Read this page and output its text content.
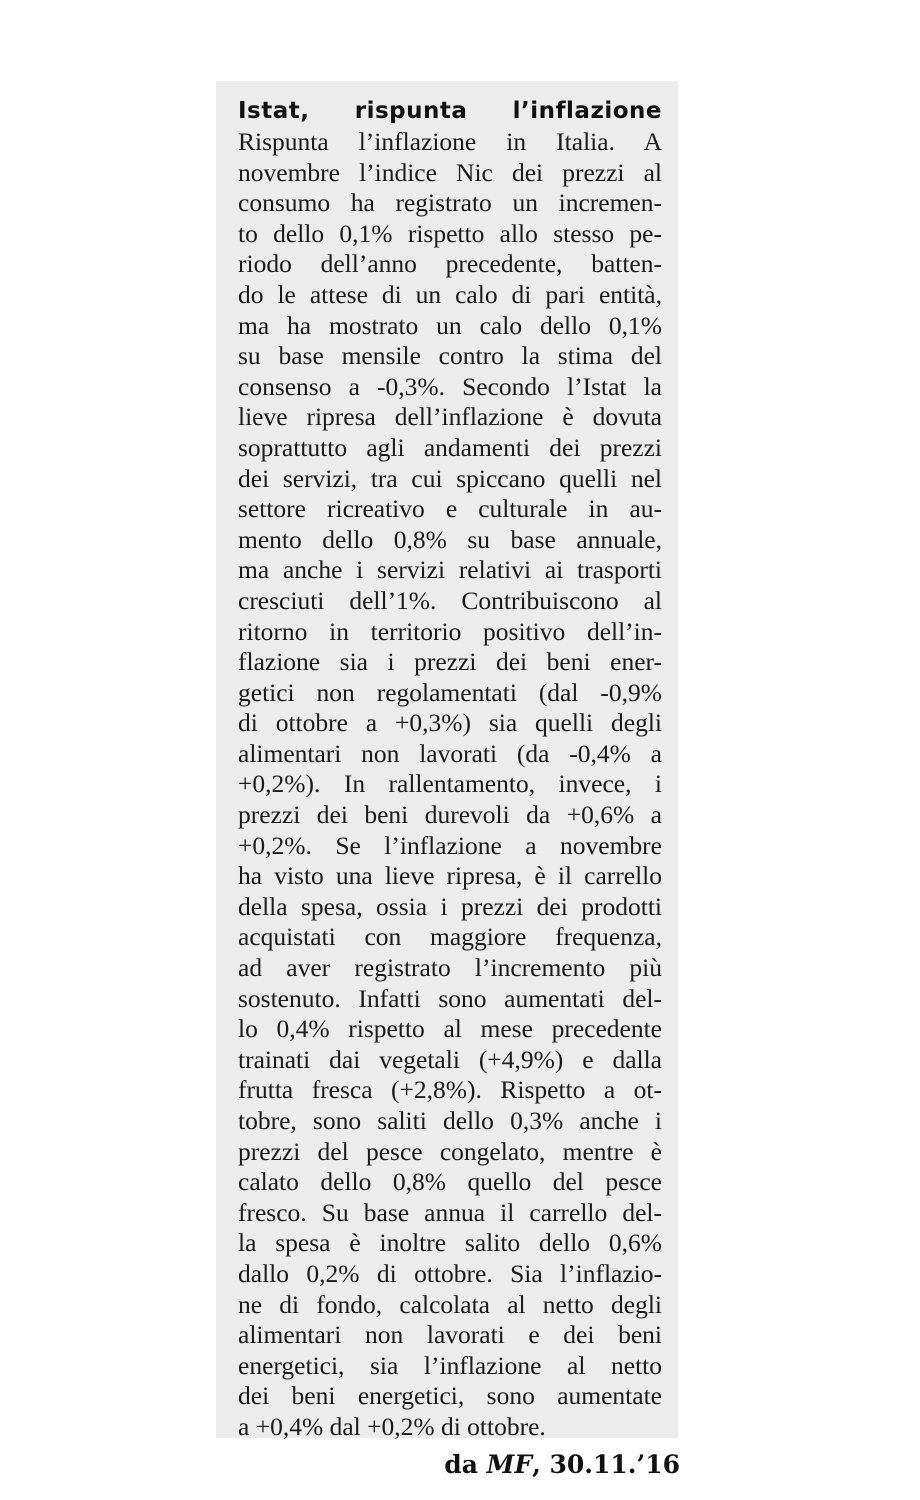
Istat, rispunta l’inflazione
Rispunta l’inflazione in Italia. A
novembre l’indice Nic dei prezzi al
consumo ha registrato un incremen-
to dello 0,1% rispetto allo stesso pe-
riodo dell’anno precedente, batten-
do le attese di un calo di pari entità,
ma ha mostrato un calo dello 0,1%
su base mensile contro la stima del
consenso a -0,3%. Secondo l’Istat la
lieve ripresa dell’inflazione è dovuta
soprattutto agli andamenti dei prezzi
dei servizi, tra cui spiccano quelli nel
settore ricreativo e culturale in au-
mento dello 0,8% su base annuale,
ma anche i servizi relativi ai trasporti
cresciuti dell’1%. Contribuiscono al
ritorno in territorio positivo dell’in-
flazione sia i prezzi dei beni ener-
getici non regolamentati (dal -0,9%
di ottobre a +0,3%) sia quelli degli
alimentari non lavorati (da -0,4% a
+0,2%). In rallentamento, invece, i
prezzi dei beni durevoli da +0,6% a
+0,2%. Se l’inflazione a novembre
ha visto una lieve ripresa, è il carrello
della spesa, ossia i prezzi dei prodotti
acquistati con maggiore frequenza,
ad aver registrato l’incremento più
sostenuto. Infatti sono aumentati del-
lo 0,4% rispetto al mese precedente
trainati dai vegetali (+4,9%) e dalla
frutta fresca (+2,8%). Rispetto a ot-
tobre, sono saliti dello 0,3% anche i
prezzi del pesce congelato, mentre è
calato dello 0,8% quello del pesce
fresco. Su base annua il carrello del-
la spesa è inoltre salito dello 0,6%
dallo 0,2% di ottobre. Sia l’inflazio-
ne di fondo, calcolata al netto degli
alimentari non lavorati e dei beni
energetici, sia l’inflazione al netto
dei beni energetici, sono aumentate
a +0,4% dal +0,2% di ottobre.
da MF, 30.11.’16
